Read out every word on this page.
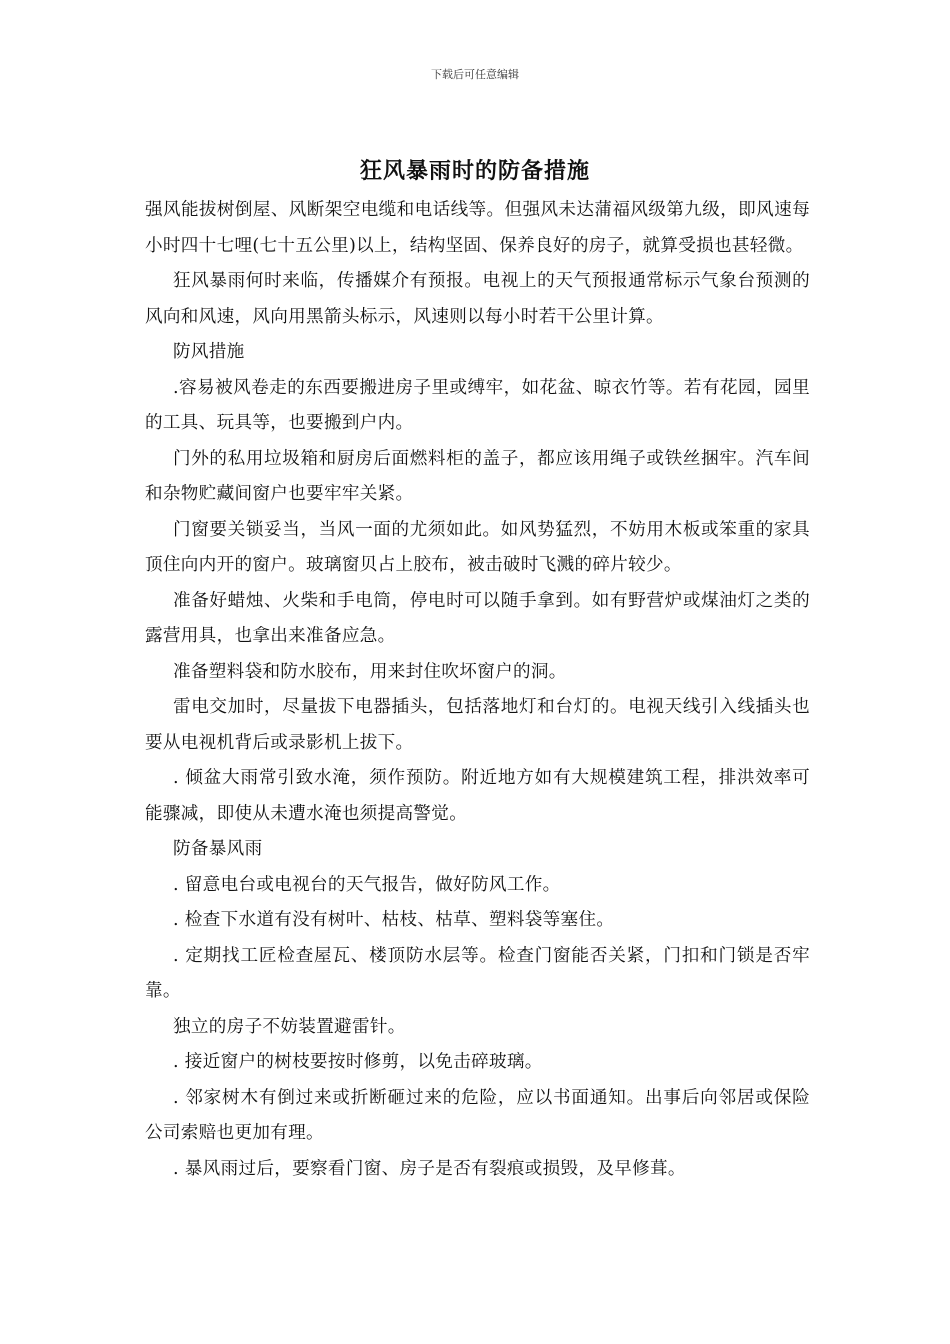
下载后可任意编辑
狂风暴雨时的防备措施

强风能拔树倒屋、风断架空电缆和电话线等。但强风未达蒲福风级第九级，即风速每小时四十七哩(七十五公里)以上，结构坚固、保养良好的房子，就算受损也甚轻微。

狂风暴雨何时来临，传播媒介有预报。电视上的天气预报通常标示气象台预测的风向和风速，风向用黑箭头标示，风速则以每小时若干公里计算。

防风措施

.容易被风卷走的东西要搬进房子里或缚牢，如花盆、晾衣竹等。若有花园，园里的工具、玩具等，也要搬到户内。

门外的私用垃圾箱和厨房后面燃料柜的盖子，都应该用绳子或铁丝捆牢。汽车间和杂物贮藏间窗户也要牢牢关紧。

门窗要关锁妥当，当风一面的尤须如此。如风势猛烈，不妨用木板或笨重的家具顶住向内开的窗户。玻璃窗贝占上胶布，被击破时飞溅的碎片较少。

准备好蜡烛、火柴和手电筒，停电时可以随手拿到。如有野营炉或煤油灯之类的露营用具，也拿出来准备应急。

准备塑料袋和防水胶布，用来封住吹坏窗户的洞。

雷电交加时，尽量拔下电器插头，包括落地灯和台灯的。电视天线引入线插头也要从电视机背后或录影机上拔下。

. 倾盆大雨常引致水淹，须作预防。附近地方如有大规模建筑工程，排洪效率可能骤减，即使从未遭水淹也须提高警觉。

防备暴风雨

. 留意电台或电视台的天气报告，做好防风工作。

. 检查下水道有没有树叶、枯枝、枯草、塑料袋等塞住。

. 定期找工匠检查屋瓦、楼顶防水层等。检查门窗能否关紧，门扣和门锁是否牢靠。

独立的房子不妨装置避雷针。

. 接近窗户的树枝要按时修剪，以免击碎玻璃。

. 邻家树木有倒过来或折断砸过来的危险，应以书面通知。出事后向邻居或保险公司索赔也更加有理。

. 暴风雨过后，要察看门窗、房子是否有裂痕或损毁，及早修葺。
